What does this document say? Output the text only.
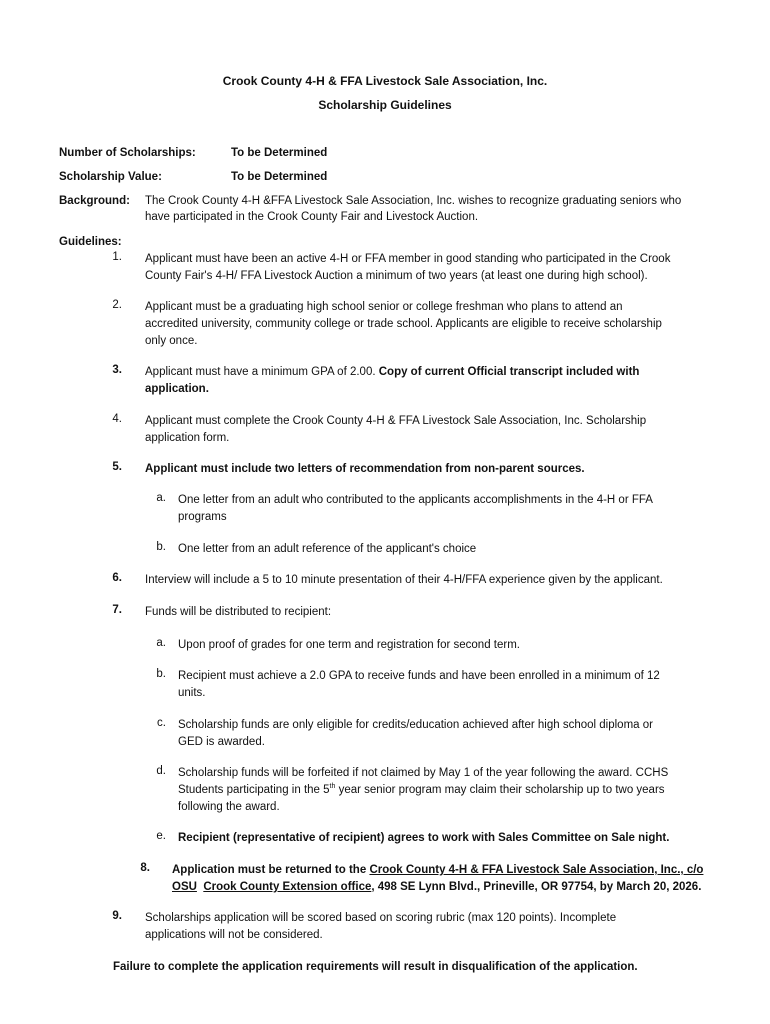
Crook County 4-H & FFA Livestock Sale Association, Inc.
Scholarship Guidelines
Number of Scholarships:	To be Determined
Scholarship Value:	To be Determined
Background: The Crook County 4-H &FFA Livestock Sale Association, Inc. wishes to recognize graduating seniors who
have participated in the Crook County Fair and Livestock Auction.
Guidelines:
1. Applicant must have been an active 4-H or FFA member in good standing who participated in the Crook
County Fair's 4-H/ FFA Livestock Auction a minimum of two years (at least one during high school).
2. Applicant must be a graduating high school senior or college freshman who plans to attend an
accredited university, community college or trade school. Applicants are eligible to receive scholarship
only once.
3. Applicant must have a minimum GPA of 2.00. Copy of current Official transcript included with
application.
4. Applicant must complete the Crook County 4-H & FFA Livestock Sale Association, Inc. Scholarship
application form.
5. Applicant must include two letters of recommendation from non-parent sources.
a. One letter from an adult who contributed to the applicants accomplishments in the 4-H or FFA
programs
b. One letter from an adult reference of the applicant's choice
6. Interview will include a 5 to 10 minute presentation of their 4-H/FFA experience given by the applicant.
7. Funds will be distributed to recipient:
a. Upon proof of grades for one term and registration for second term.
b. Recipient must achieve a 2.0 GPA to receive funds and have been enrolled in a minimum of 12
units.
c. Scholarship funds are only eligible for credits/education achieved after high school diploma or
GED is awarded.
d. Scholarship funds will be forfeited if not claimed by May 1 of the year following the award. CCHS
Students participating in the 5th year senior program may claim their scholarship up to two years
following the award.
e. Recipient (representative of recipient) agrees to work with Sales Committee on Sale night.
8. Application must be returned to the Crook County 4-H & FFA Livestock Sale Association, Inc., c/o
OSU Crook County Extension office, 498 SE Lynn Blvd., Prineville, OR 97754, by March 20, 2026.
9. Scholarships application will be scored based on scoring rubric (max 120 points). Incomplete
applications will not be considered.
Failure to complete the application requirements will result in disqualification of the application.
